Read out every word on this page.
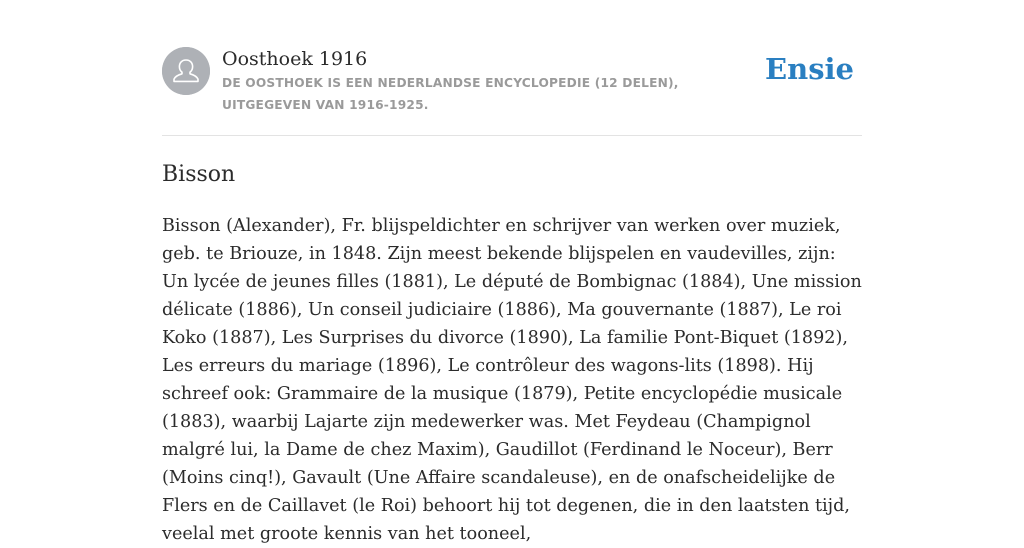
Oosthoek 1916
DE OOSTHOEK IS EEN NEDERLANDSE ENCYCLOPEDIE (12 DELEN), UITGEGEVEN VAN 1916-1925.
Ensie
Bisson

Bisson (Alexander), Fr. blijspeldichter en schrijver van werken over muziek, geb. te Briouze, in 1848. Zijn meest bekende blijspelen en vaudevilles, zijn: Un lycée de jeunes filles (1881), Le député de Bombignac (1884), Une mission délicate (1886), Un conseil judiciaire (1886), Ma gouvernante (1887), Le roi Koko (1887), Les Surprises du divorce (1890), La familie Pont-Biquet (1892), Les erreurs du mariage (1896), Le contrôleur des wagons-lits (1898). Hij schreef ook: Grammaire de la musique (1879), Petite encyclopédie musicale (1883), waarbij Lajarte zijn medewerker was. Met Feydeau (Champignol malgré lui, la Dame de chez Maxim), Gaudillot (Ferdinand le Noceur), Berr (Moins cinq!), Gavault (Une Affaire scandaleuse), en de onafscheidelijke de Flers en de Caillavet (le Roi) behoort hij tot degenen, die in den laatsten tijd, veelal met groote kennis van het tooneel,
